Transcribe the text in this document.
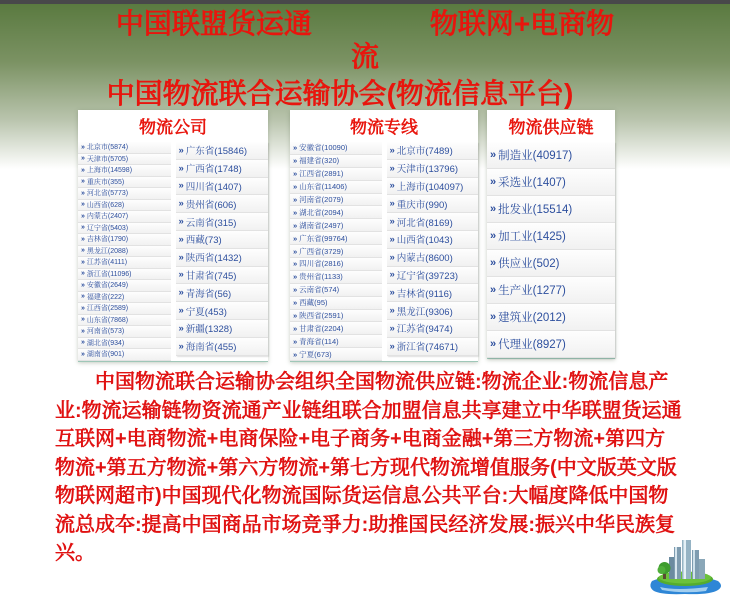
中国联盟货运通	物联网+电商物
流
中国物流联合运输协会(物流信息平台)
物流公司
» 北京市(5874)
» 天津市(5705)
» 上海市(14598)
» 重庆市(355)
» 河北省(5773)
» 山西省(628)
» 内蒙古(2407)
» 辽宁省(5403)
» 吉林省(1790)
» 黑龙江(2088)
» 江苏省(4111)
» 浙江省(11096)
» 安徽省(2649)
» 福建省(222)
» 江西省(2589)
» 山东省(7868)
» 河南省(573)
» 湖北省(934)
» 湖南省(901)
» 广东省(15846)
» 广西省(1748)
» 四川省(1407)
» 贵州省(606)
» 云南省(315)
» 西藏(73)
» 陕西省(1432)
» 甘肃省(745)
» 青海省(56)
» 宁夏(453)
» 新疆(1328)
» 海南省(455)
物流专线
» 安徽省(10090)
» 福建省(320)
» 江西省(2891)
» 山东省(11406)
» 河南省(2079)
» 湖北省(2094)
» 湖南省(2497)
» 广东省(99764)
» 广西省(3729)
» 四川省(2816)
» 贵州省(1133)
» 云南省(574)
» 西藏(95)
» 陕西省(2591)
» 甘肃省(2204)
» 青海省(114)
» 宁夏(673)
» 北京市(7489)
» 天津市(13796)
» 上海市(104097)
» 重庆市(990)
» 河北省(8169)
» 山西省(1043)
» 内蒙古(8600)
» 辽宁省(39723)
» 吉林省(9116)
» 黑龙江(9306)
» 江苏省(9474)
» 浙江省(74671)
物流供应链
» 制造业(40917)
» 采选业(1407)
» 批发业(15514)
» 加工业(1425)
» 供应业(502)
» 生产业(1277)
» 建筑业(2012)
» 代理业(8927)

中国物流联合运输协会组织全国物流供应链:物流企业:物流信息产业:物流运输链物资流通产业链组联合加盟信息共享建立中华联盟货运通互联网+电商物流+电商保险+电子商务+电商金融+第三方物流+第四方物流+第五方物流+第六方物流+第七方现代物流增值服务(中文版英文版物联网超市)中国现代化物流国际货运信息公共平台:大幅度降低中国物流总成夲:提高中国商品市场竞爭力:助推国民经济发展:振兴中华民族复兴。
